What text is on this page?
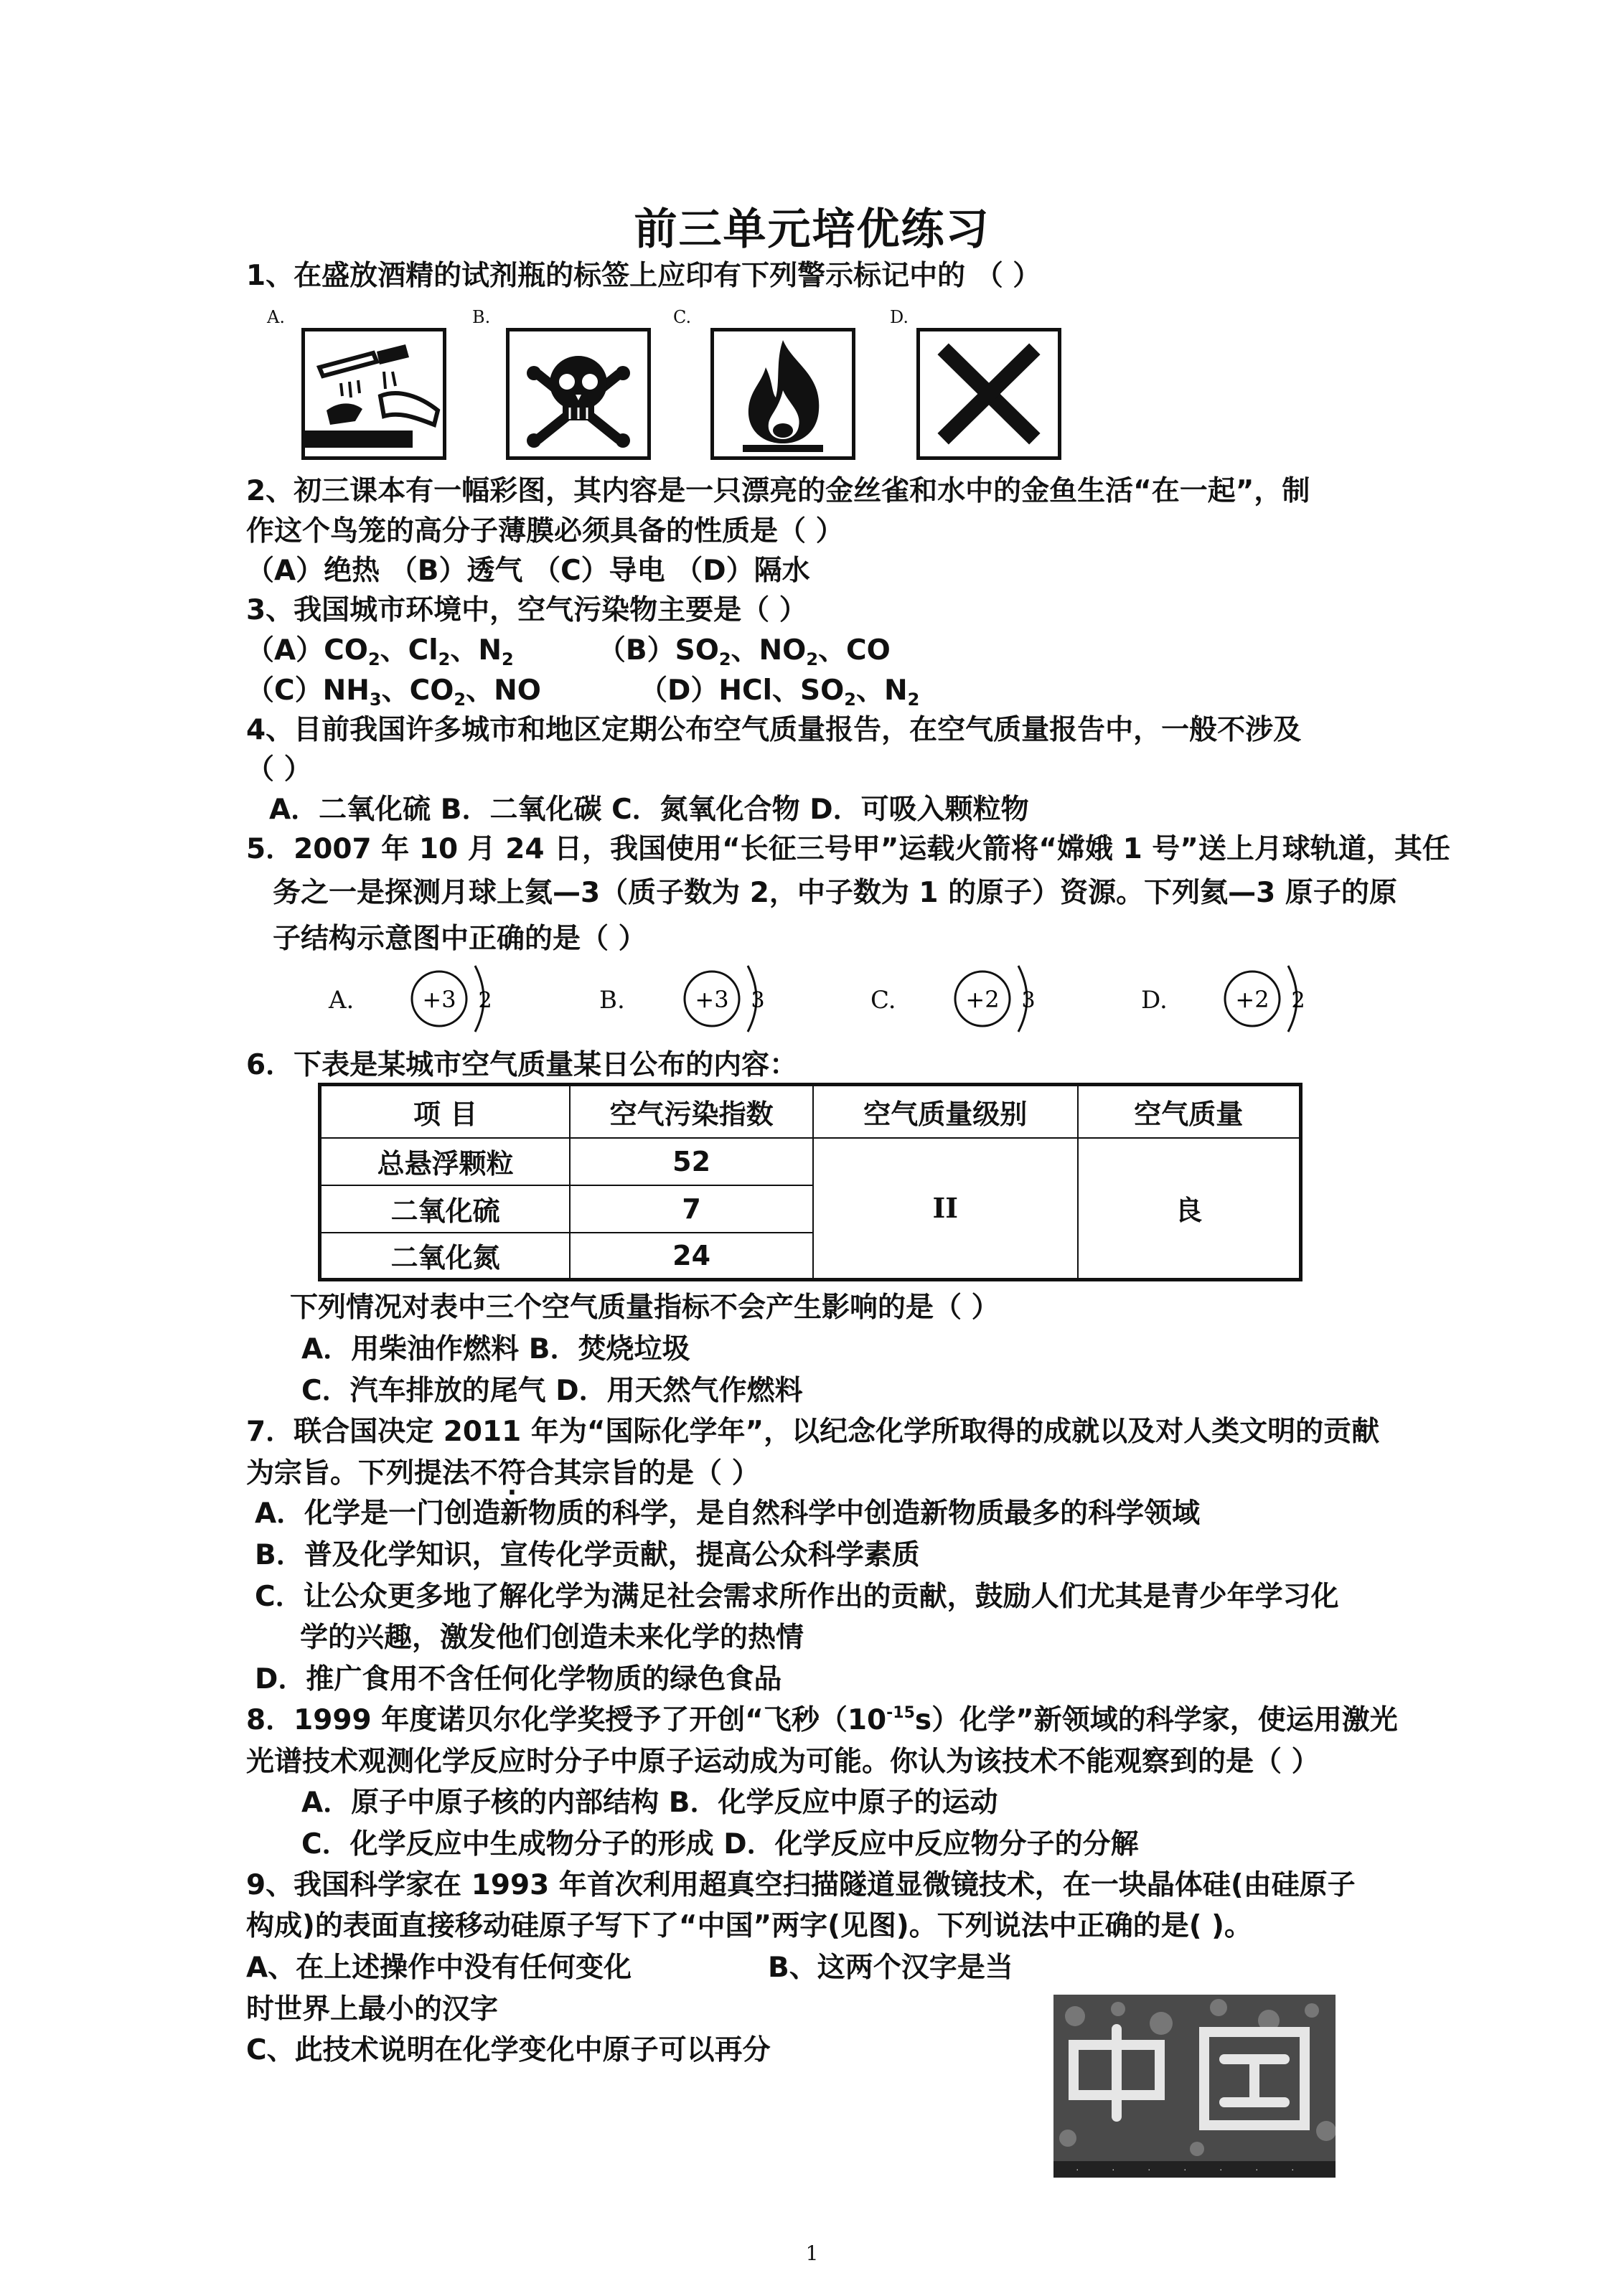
前三单元培优练习
1、在盛放酒精的试剂瓶的标签上应印有下列警示标记中的 （ ）
A.	B.	C.	D.
2、初三课本有一幅彩图，其内容是一只漂亮的金丝雀和水中的金鱼生活“在一起”，制
作这个鸟笼的高分子薄膜必须具备的性质是（ ）
（A）绝热 （B）透气 （C）导电 （D）隔水
3、我国城市环境中，空气污染物主要是（ ）
$(A)CO_2$、$Cl_2$、$N_2$	$(B)SO_2$、$NO_2$、CO
$(C)NH_3$、$CO_2$、NO	（D）HCl、$SO_2$、$N_2$
4、目前我国许多城市和地区定期公布空气质量报告，在空气质量报告中，一般不涉及
（ ）
A．二氧化硫 B．二氧化碳 C．氮氧化合物 D．可吸入颗粒物
5．2007 年 10 月 24 日，我国使用“长征三号甲”运载火箭将“嫦娥 1 号”送上月球轨道，其任
务之一是探测月球上氦—3（质子数为 2，中子数为 1 的原子）资源。下列氦—3 原子的原
子结构示意图中正确的是（ ）
A.	+3 2	B.	+3 3	C.	+2 3	D.	+2 2
6．下表是某城市空气质量某日公布的内容：
项 目	空气污染指数	空气质量级别	空气质量
总悬浮颗粒	52	II	良
二氧化硫	7		
二氧化氮	24		
下列情况对表中三个空气质量指标不会产生影响的是（ ）
A．用柴油作燃料 B．焚烧垃圾
C．汽车排放的尾气 D．用天然气作燃料
7．联合国决定 2011 年为“国际化学年”，以纪念化学所取得的成就以及对人类文明的贡献
为宗旨。下列提法不符合其宗旨的是（ ）
A．化学是一门创造新物质的科学，是自然科学中创造新物质最多的科学领域
B．普及化学知识，宣传化学贡献，提高公众科学素质
C．让公众更多地了解化学为满足社会需求所作出的贡献，鼓励人们尤其是青少年学习化
学的兴趣，激发他们创造未来化学的热情
D．推广食用不含任何化学物质的绿色食品
8．1999 年度诺贝尔化学奖授予了开创“飞秒$(10^{-15}s)$化学”新领域的科学家，使运用激光
光谱技术观测化学反应时分子中原子运动成为可能。你认为该技术不能观察到的是（ ）
A．原子中原子核的内部结构 B．化学反应中原子的运动
C．化学反应中生成物分子的形成 D．化学反应中反应物分子的分解
9、我国科学家在 1993 年首次利用超真空扫描隧道显微镜技术，在一块晶体硅(由硅原子
构成)的表面直接移动硅原子写下了“中国”两字(见图)。下列说法中正确的是( )。
A、在上述操作中没有任何变化	B、这两个汉字是当
时世界上最小的汉字
C、此技术说明在化学变化中原子可以再分
·	·	·	·	·	·	·
1
